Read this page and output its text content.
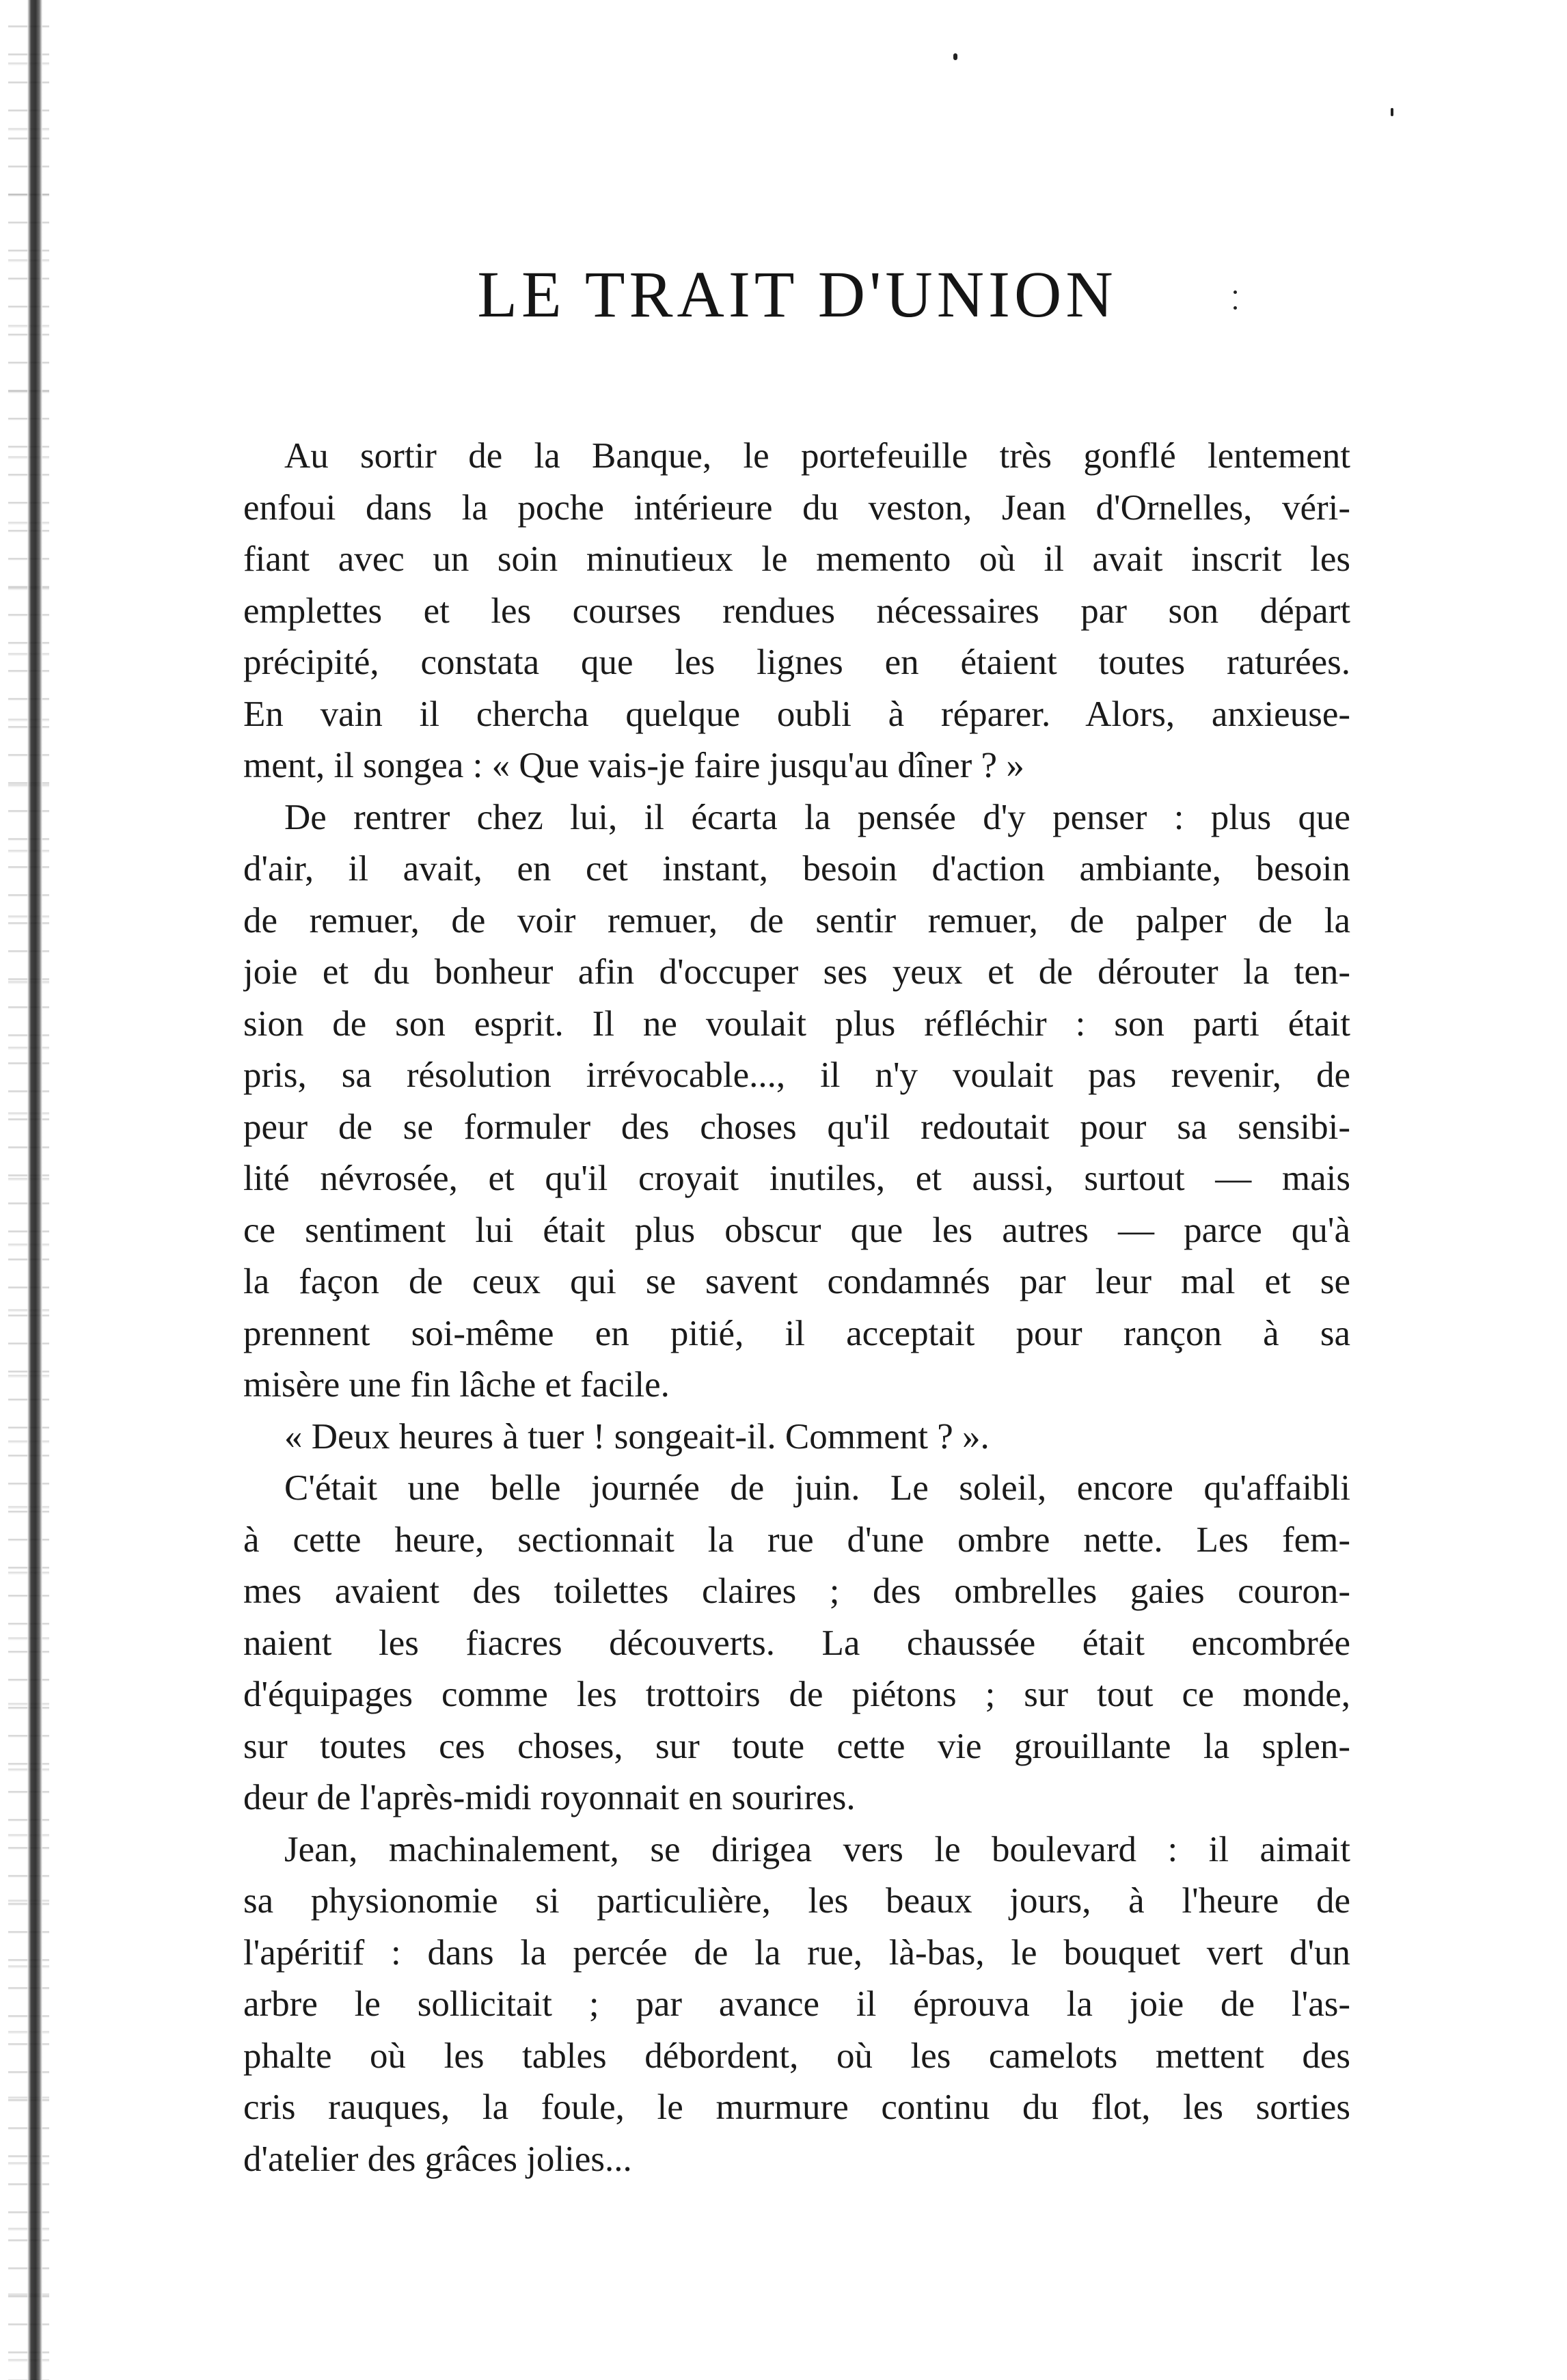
LE TRAIT D'UNION
Au sortir de la Banque, le portefeuille très gonflé lentement
enfoui dans la poche intérieure du veston, Jean d'Ornelles, véri-
fiant avec un soin minutieux le memento où il avait inscrit les
emplettes et les courses rendues nécessaires par son départ
précipité, constata que les lignes en étaient toutes raturées.
En vain il chercha quelque oubli à réparer. Alors, anxieuse-
ment, il songea : « Que vais-je faire jusqu'au dîner ? »
De rentrer chez lui, il écarta la pensée d'y penser : plus que
d'air, il avait, en cet instant, besoin d'action ambiante, besoin
de remuer, de voir remuer, de sentir remuer, de palper de la
joie et du bonheur afin d'occuper ses yeux et de dérouter la ten-
sion de son esprit. Il ne voulait plus réfléchir : son parti était
pris, sa résolution irrévocable..., il n'y voulait pas revenir, de
peur de se formuler des choses qu'il redoutait pour sa sensibi-
lité névrosée, et qu'il croyait inutiles, et aussi, surtout — mais
ce sentiment lui était plus obscur que les autres — parce qu'à
la façon de ceux qui se savent condamnés par leur mal et se
prennent soi-même en pitié, il acceptait pour rançon à sa
misère une fin lâche et facile.
« Deux heures à tuer ! songeait-il. Comment ? ».
C'était une belle journée de juin. Le soleil, encore qu'affaibli
à cette heure, sectionnait la rue d'une ombre nette. Les fem-
mes avaient des toilettes claires ; des ombrelles gaies couron-
naient les fiacres découverts. La chaussée était encombrée
d'équipages comme les trottoirs de piétons ; sur tout ce monde,
sur toutes ces choses, sur toute cette vie grouillante la splen-
deur de l'après-midi royonnait en sourires.
Jean, machinalement, se dirigea vers le boulevard : il aimait
sa physionomie si particulière, les beaux jours, à l'heure de
l'apéritif : dans la percée de la rue, là-bas, le bouquet vert d'un
arbre le sollicitait ; par avance il éprouva la joie de l'as-
phalte où les tables débordent, où les camelots mettent des
cris rauques, la foule, le murmure continu du flot, les sorties
d'atelier des grâces jolies...
